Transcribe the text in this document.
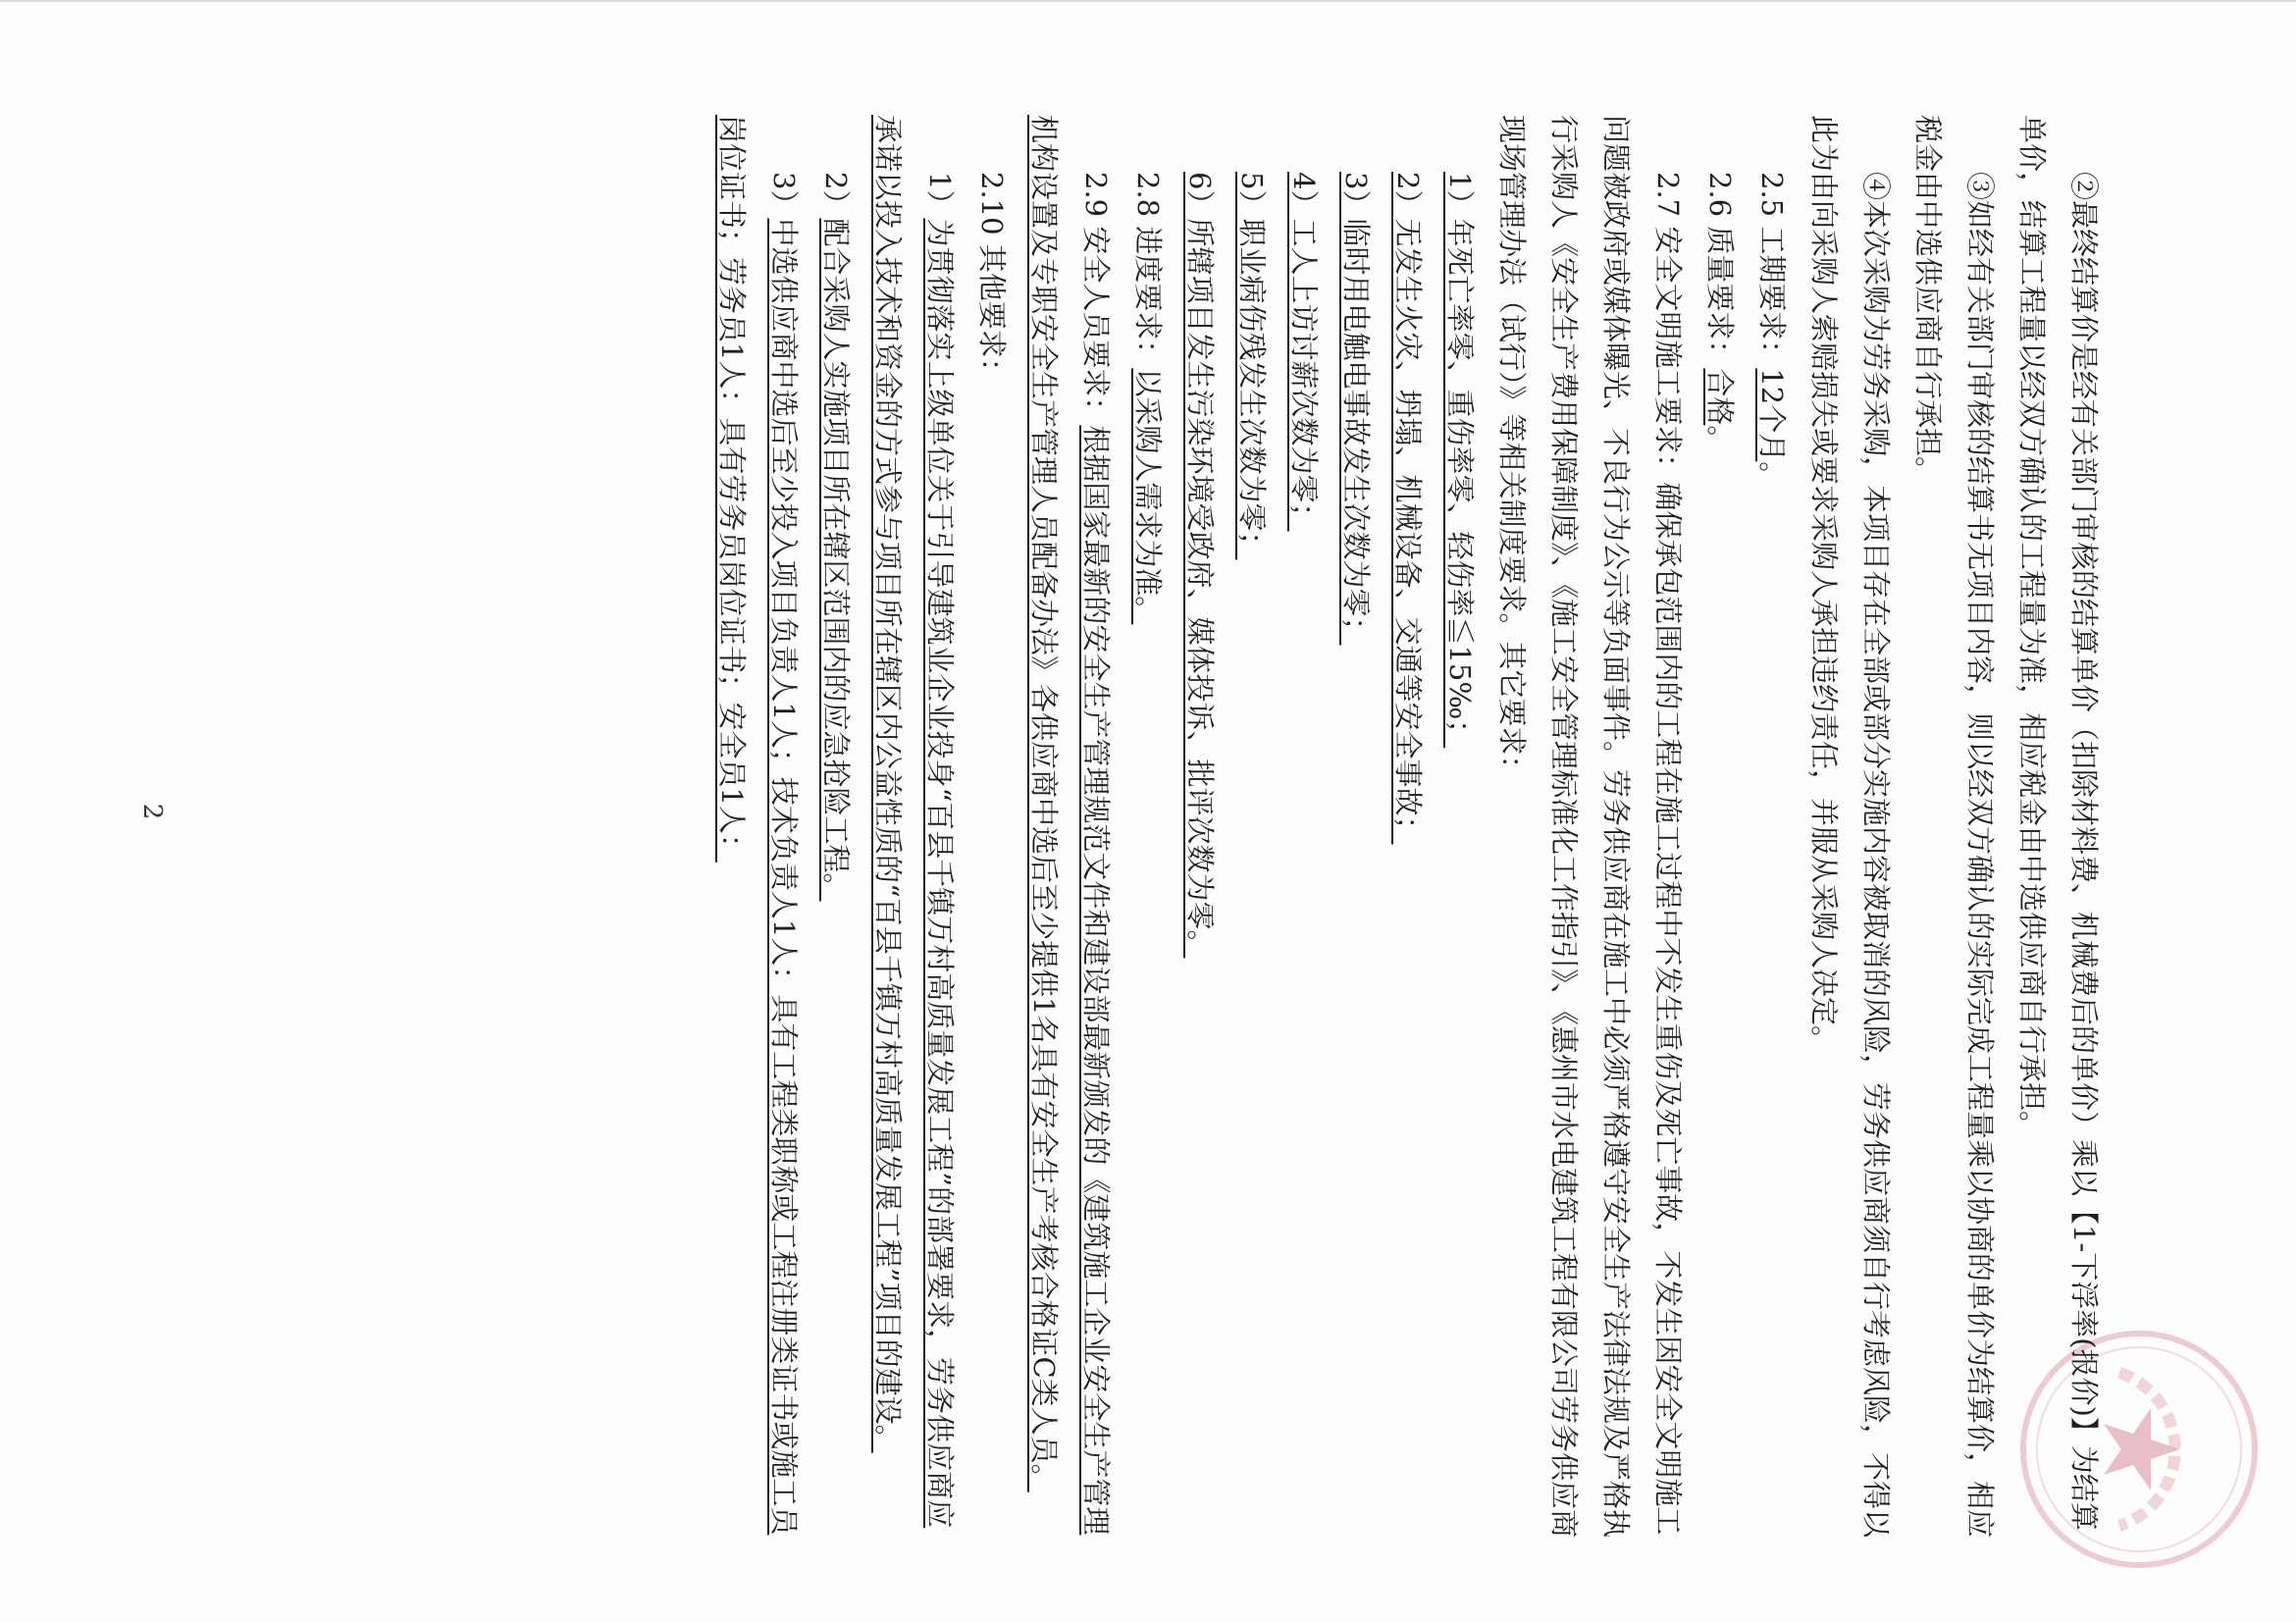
②最终结算价是经有关部门审核的结算单价（扣除材料费、机械费后的单价）乘以【1-下浮率(报价)】为结算单价，结算工程量以经双方确认的工程量为准，相应税金由中选供应商自行承担。

③如经有关部门审核的结算书无项目内容，则以经双方确认的实际完成工程量乘以协商的单价为结算价，相应税金由中选供应商自行承担。

④本次采购为劳务采购，本项目存在全部或部分实施内容被取消的风险，劳务供应商须自行考虑风险，不得以此为由向采购人索赔损失或要求采购人承担违约责任，并服从采购人决定。

2.5 工期要求：12个月。

2.6 质量要求：合格。

2.7 安全文明施工要求：确保承包范围内的工程在施工过程中不发生重伤及死亡事故，不发生因安全文明施工问题被政府或媒体曝光、不良行为公示等负面事件。劳务供应商在施工中必须严格遵守安全生产法律法规及严格执行采购人《安全生产费用保障制度》、《施工安全管理标准化工作指引》、《惠州市水电建筑工程有限公司劳务供应商现场管理办法（试行）》等相关制度要求。其它要求：

1）年死亡率零、重伤率零、轻伤率≦15‰；

2）无发生火灾、坍塌、机械设备、交通等安全事故；

3）临时用电触电事故发生次数为零；

4）工人上访讨薪次数为零；

5）职业病伤残发生次数为零；

6）所辖项目发生污染环境受政府、媒体投诉、批评次数为零。

2.8 进度要求：以采购人需求为准。

2.9 安全人员要求：根据国家最新的安全生产管理规范文件和建设部最新颁发的《建筑施工企业安全生产管理机构设置及专职安全生产管理人员配备办法》各供应商中选后至少提供1名具有安全生产考核合格证C类人员。

2.10 其他要求：

1）为贯彻落实上级单位关于引导建筑业企业投身“百县千镇万村高质量发展工程”的部署要求，劳务供应商应承诺以投入技术和资金的方式参与项目所在辖区内公益性质的“百县千镇万村高质量发展工程”项目的建设。

2）配合采购人实施项目所在辖区范围内的应急抢险工程。

3）中选供应商中选后至少投入项目负责人1人；技术负责人1人：具有工程类职称或工程注册类证书或施工员岗位证书；劳务员1人：具有劳务员岗位证书；安全员1人：

2
